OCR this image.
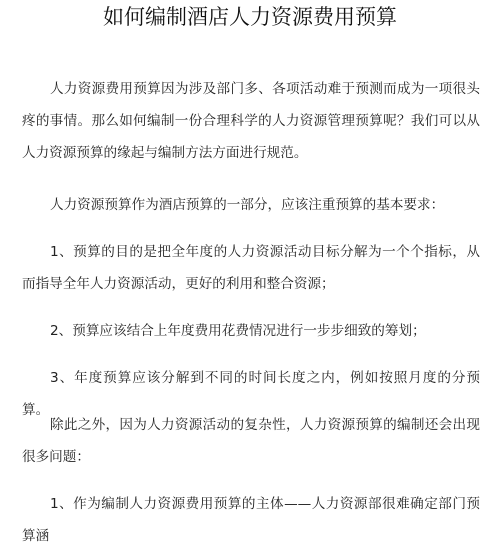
如何编制酒店人力资源费用预算

人力资源费用预算因为涉及部门多、各项活动难于预测而成为一项很头疼的事情。那么如何编制一份合理科学的人力资源管理预算呢？我们可以从人力资源预算的缘起与编制方法方面进行规范。

人力资源预算作为酒店预算的一部分，应该注重预算的基本要求：

1、预算的目的是把全年度的人力资源活动目标分解为一个个指标，从而指导全年人力资源活动，更好的利用和整合资源；

2、预算应该结合上年度费用花费情况进行一步步细致的筹划；

3、年度预算应该分解到不同的时间长度之内，例如按照月度的分预算。

除此之外，因为人力资源活动的复杂性，人力资源预算的编制还会出现很多问题：

1、作为编制人力资源费用预算的主体——人力资源部很难确定部门预算涵
